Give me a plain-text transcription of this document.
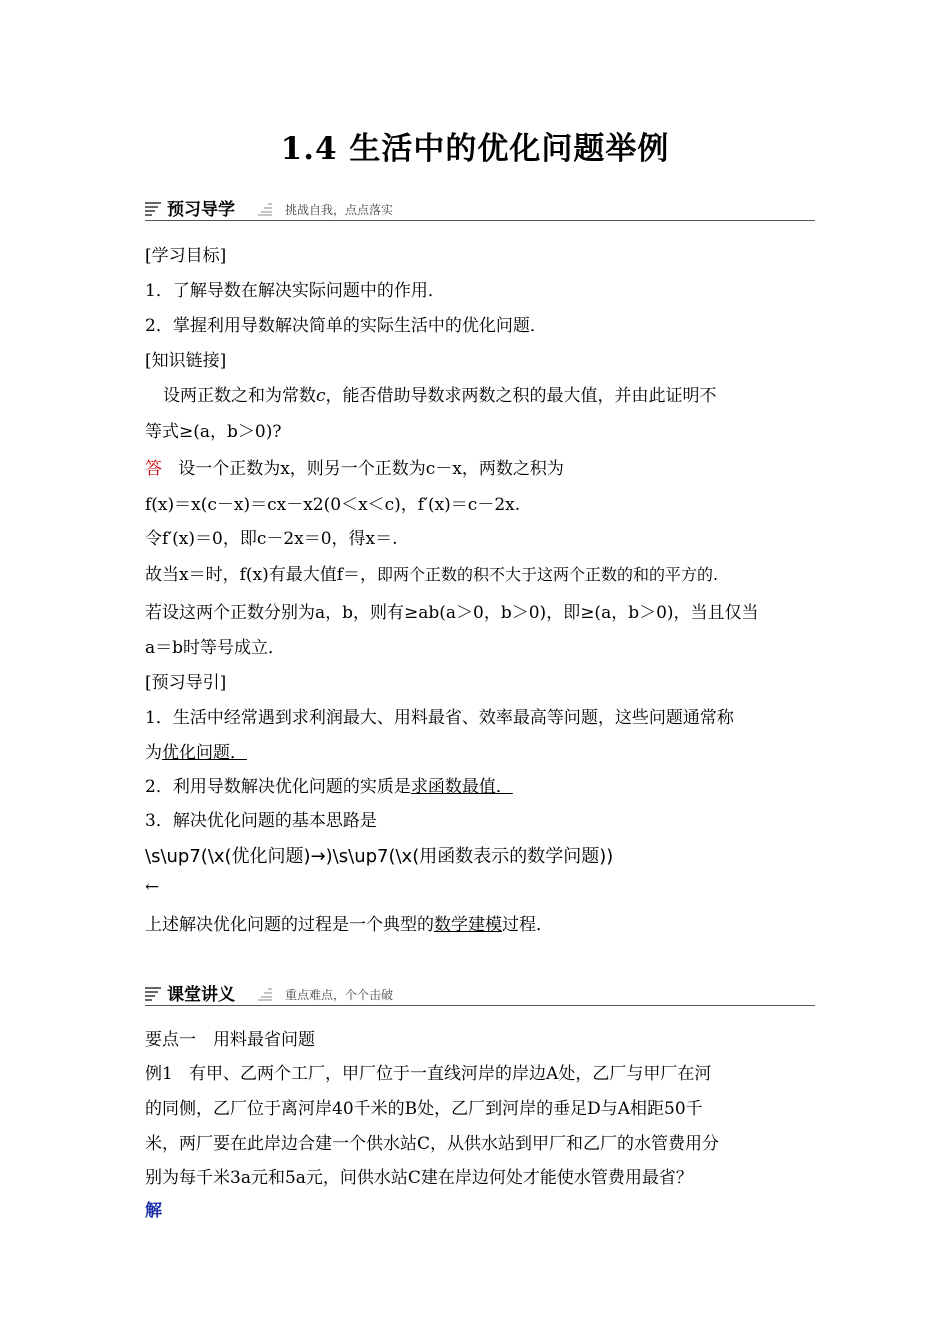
1.4 生活中的优化问题举例
预习导学	挑战自我，点点落实
[学习目标]
1．了解导数在解决实际问题中的作用．
2．掌握利用导数解决简单的实际生活中的优化问题．
[知识链接]
设两正数之和为常数c，能否借助导数求两数之积的最大值，并由此证明不
等式≥(a，b＞0)?
答 设一个正数为x，则另一个正数为c－x，两数之积为
f(x)＝x(c－x)＝cx－x2(0＜x＜c)，f′(x)＝c－2x.
令f′(x)＝0，即c－2x＝0，得x＝.
故当x＝时，f(x)有最大值f＝，即两个正数的积不大于这两个正数的和的平方的.
若设这两个正数分别为a，b，则有≥ab(a＞0，b＞0)，即≥(a，b＞0)，当且仅当
a＝b时等号成立．
[预习导引]
1．生活中经常遇到求利润最大、用料最省、效率最高等问题，这些问题通常称
为优化问题．
2．利用导数解决优化问题的实质是求函数最值．
3．解决优化问题的基本思路是
\s\up7(\x(优化问题)→)\s\up7(\x(用函数表示的数学问题))
←
上述解决优化问题的过程是一个典型的数学建模过程．
课堂讲义	重点难点，个个击破
要点一　用料最省问题
例1 有甲、乙两个工厂，甲厂位于一直线河岸的岸边A处，乙厂与甲厂在河
的同侧，乙厂位于离河岸40千米的B处，乙厂到河岸的垂足D与A相距50千
米，两厂要在此岸边合建一个供水站C，从供水站到甲厂和乙厂的水管费用分
别为每千米3a元和5a元，问供水站C建在岸边何处才能使水管费用最省？
解
